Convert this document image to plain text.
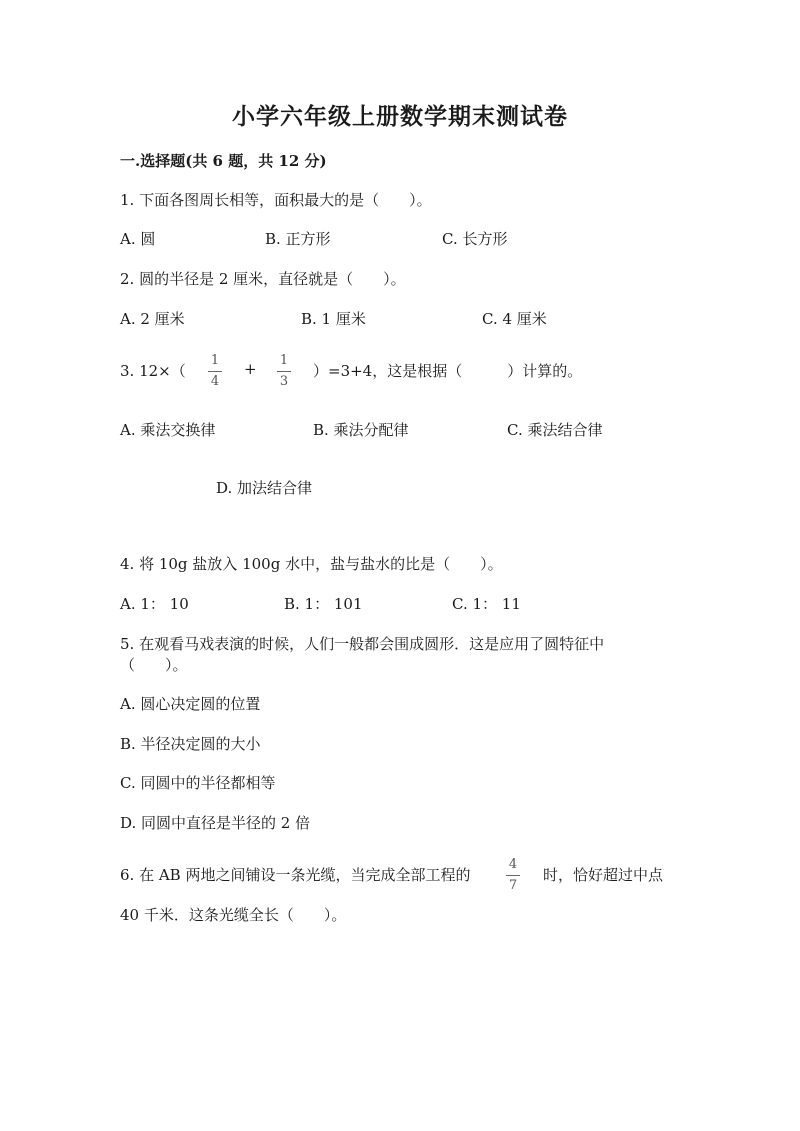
小学六年级上册数学期末测试卷
一.选择题(共 6 题，共 12 分)
1. 下面各图周长相等，面积最大的是（　　）。
A. 圆	B. 正方形	C. 长方形
2. 圆的半径是 2 厘米，直径就是（　　）。
A. 2 厘米	B. 1 厘米	C. 4 厘米
3. 12×（
1
4
+	1
3
）=3+4，这是根据（　　　）计算的。
A. 乘法交换律	B. 乘法分配律	C. 乘法结合律
D. 加法结合律
4. 将 10g 盐放入 100g 水中，盐与盐水的比是（　　）。
A. 1： 10	B. 1： 101	C. 1： 11
5. 在观看马戏表演的时候，人们一般都会围成圆形．这是应用了圆特征中
（　　）。
A. 圆心决定圆的位置
B. 半径决定圆的大小
C. 同圆中的半径都相等
D. 同圆中直径是半径的 2 倍
6. 在 AB 两地之间铺设一条光缆，当完成全部工程的
4
7
时，恰好超过中点
40 千米．这条光缆全长（　　）。
